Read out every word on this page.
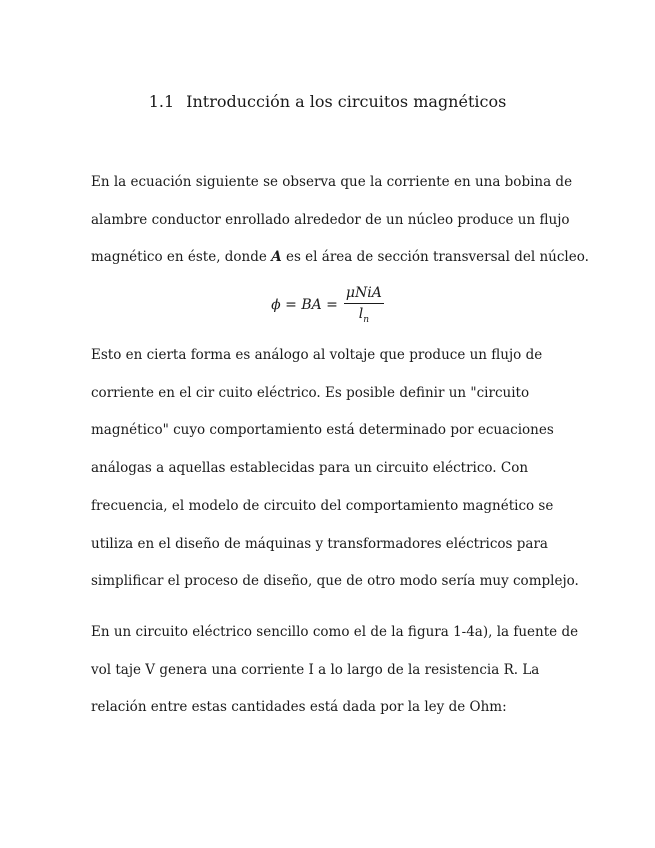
1.1 Introducción a los circuitos magnéticos

En la ecuación siguiente se observa que la corriente en una bobina de
alambre conductor enrollado alrededor de un núcleo produce un flujo
magnético en éste, donde A es el área de sección transversal del núcleo.

ϕ = BA = $\frac{\text{μNiA}}{l_n}$

Esto en cierta forma es análogo al voltaje que produce un flujo de
corriente en el cir cuito eléctrico. Es posible definir un "circuito
magnético" cuyo comportamiento está determinado por ecuaciones
análogas a aquellas establecidas para un circuito eléctrico. Con
frecuencia, el modelo de circuito del comportamiento magnético se
utiliza en el diseño de máquinas y transformadores eléctricos para
simplificar el proceso de diseño, que de otro modo sería muy complejo.

En un circuito eléctrico sencillo como el de la figura 1-4a), la fuente de
vol taje V genera una corriente I a lo largo de la resistencia R. La
relación entre estas cantidades está dada por la ley de Ohm:
